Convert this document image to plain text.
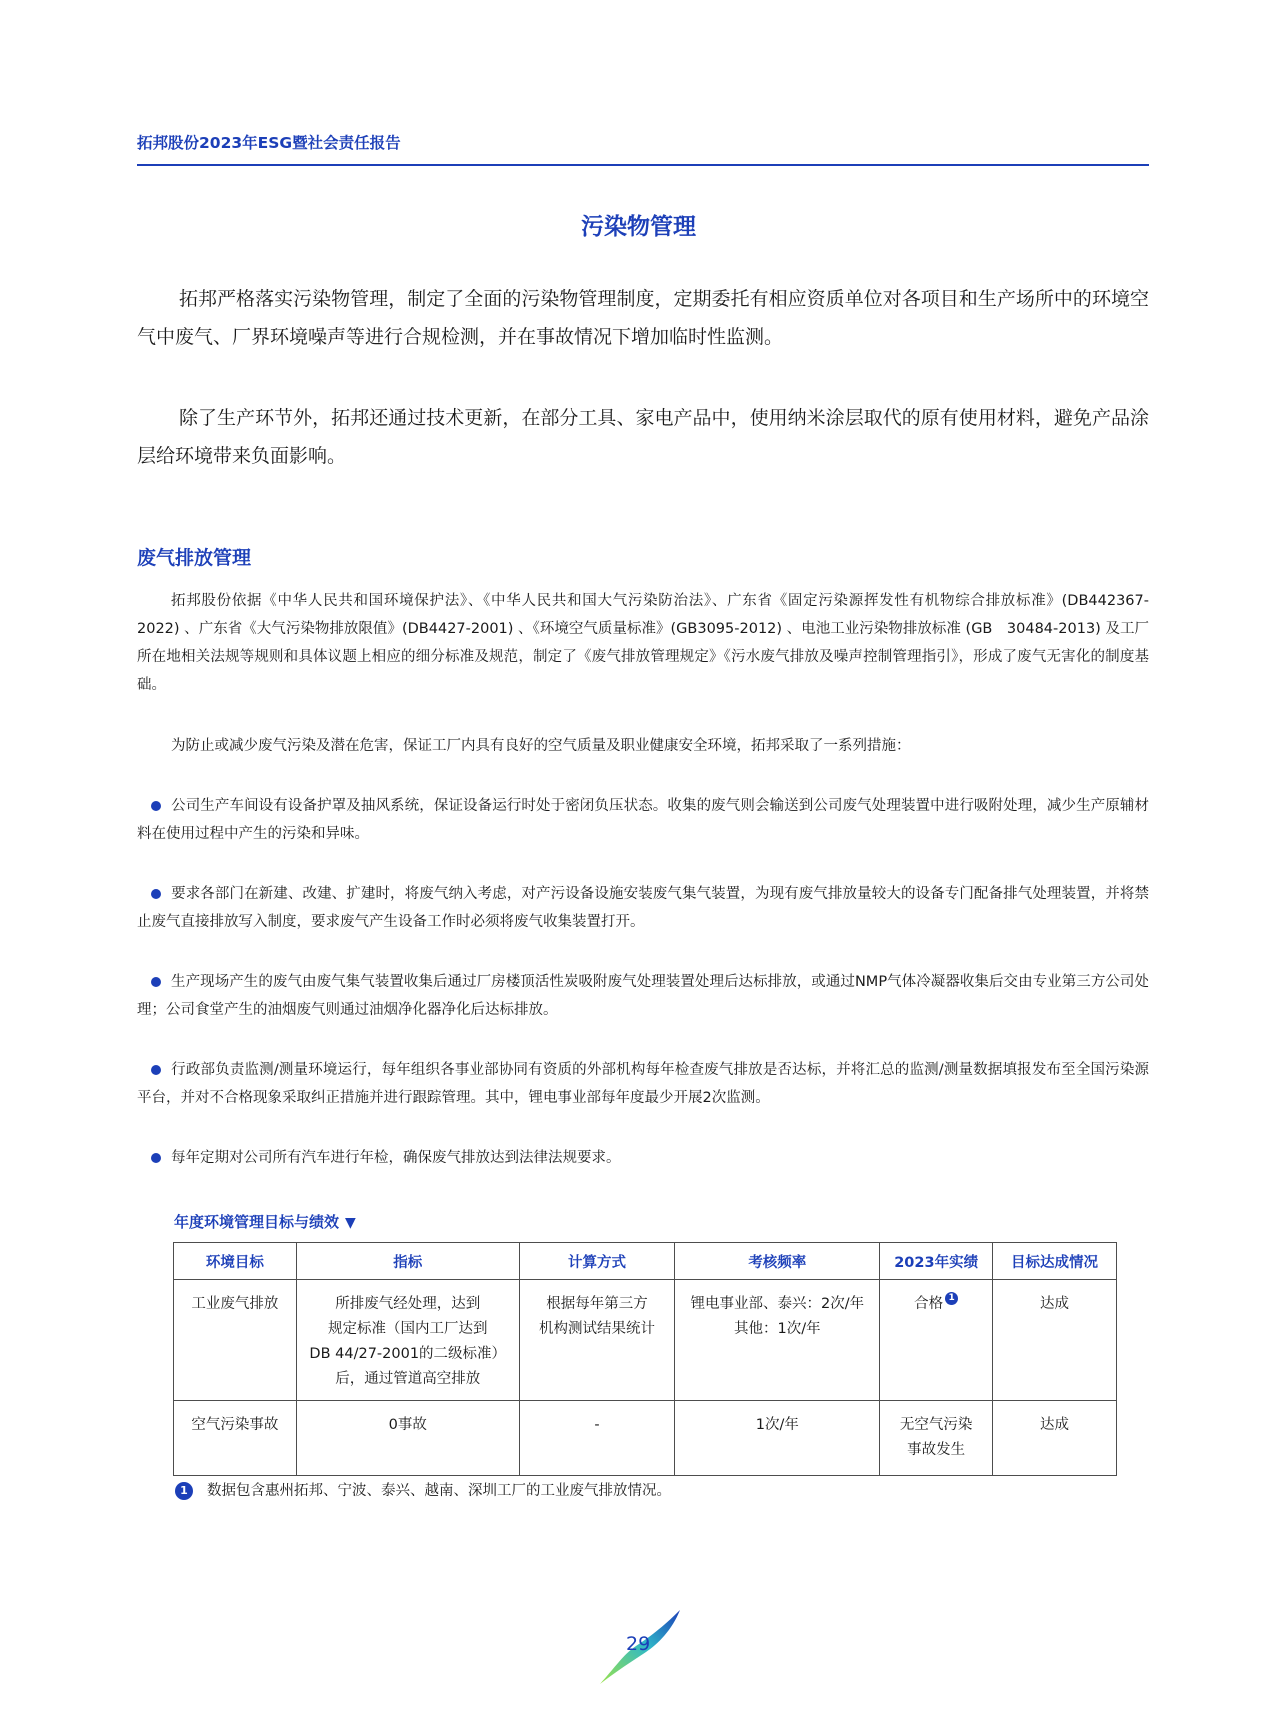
拓邦股份2023年ESG暨社会责任报告
污染物管理

拓邦严格落实污染物管理，制定了全面的污染物管理制度，定期委托有相应资质单位对各项目和生产场所中的环境空气中废气、厂界环境噪声等进行合规检测，并在事故情况下增加临时性监测。

除了生产环节外，拓邦还通过技术更新，在部分工具、家电产品中，使用纳米涂层取代的原有使用材料，避免产品涂层给环境带来负面影响。

废气排放管理

拓邦股份依据《中华人民共和国环境保护法》、《中华人民共和国大气污染防治法》、广东省《固定污染源挥发性有机物综合排放标准》(DB442367-2022) 、广东省《大气污染物排放限值》(DB4427-2001) 、《环境空气质量标准》(GB3095-2012) 、电池工业污染物排放标准 (GB　30484-2013) 及工厂所在地相关法规等规则和具体议题上相应的细分标准及规范，制定了《废气排放管理规定》《污水废气排放及噪声控制管理指引》，形成了废气无害化的制度基础。

为防止或减少废气污染及潜在危害，保证工厂内具有良好的空气质量及职业健康安全环境，拓邦采取了一系列措施：

公司生产车间设有设备护罩及抽风系统，保证设备运行时处于密闭负压状态。收集的废气则会输送到公司废气处理装置中进行吸附处理，减少生产原辅材料在使用过程中产生的污染和异味。

要求各部门在新建、改建、扩建时，将废气纳入考虑，对产污设备设施安装废气集气装置，为现有废气排放量较大的设备专门配备排气处理装置，并将禁止废气直接排放写入制度，要求废气产生设备工作时必须将废气收集装置打开。

生产现场产生的废气由废气集气装置收集后通过厂房楼顶活性炭吸附废气处理装置处理后达标排放，或通过NMP气体冷凝器收集后交由专业第三方公司处理；公司食堂产生的油烟废气则通过油烟净化器净化后达标排放。

行政部负责监测/测量环境运行，每年组织各事业部协同有资质的外部机构每年检查废气排放是否达标，并将汇总的监测/测量数据填报发布至全国污染源平台，并对不合格现象采取纠正措施并进行跟踪管理。其中，锂电事业部每年度最少开展2次监测。

每年定期对公司所有汽车进行年检，确保废气排放达到法律法规要求。

年度环境管理目标与绩效 ▼
环境目标	指标	计算方式	考核频率	2023年实绩	目标达成情况
工业废气排放	所排废气经处理，达到
规定标准（国内工厂达到
DB 44/27-2001的二级标准）
后，通过管道高空排放	根据每年第三方
机构测试结果统计	锂电事业部、泰兴：2次/年
其他：1次/年	合格 1	达成
空气污染事故	0事故	-	1次/年	无空气污染
事故发生	达成
1 数据包含惠州拓邦、宁波、泰兴、越南、深圳工厂的工业废气排放情况。
29
